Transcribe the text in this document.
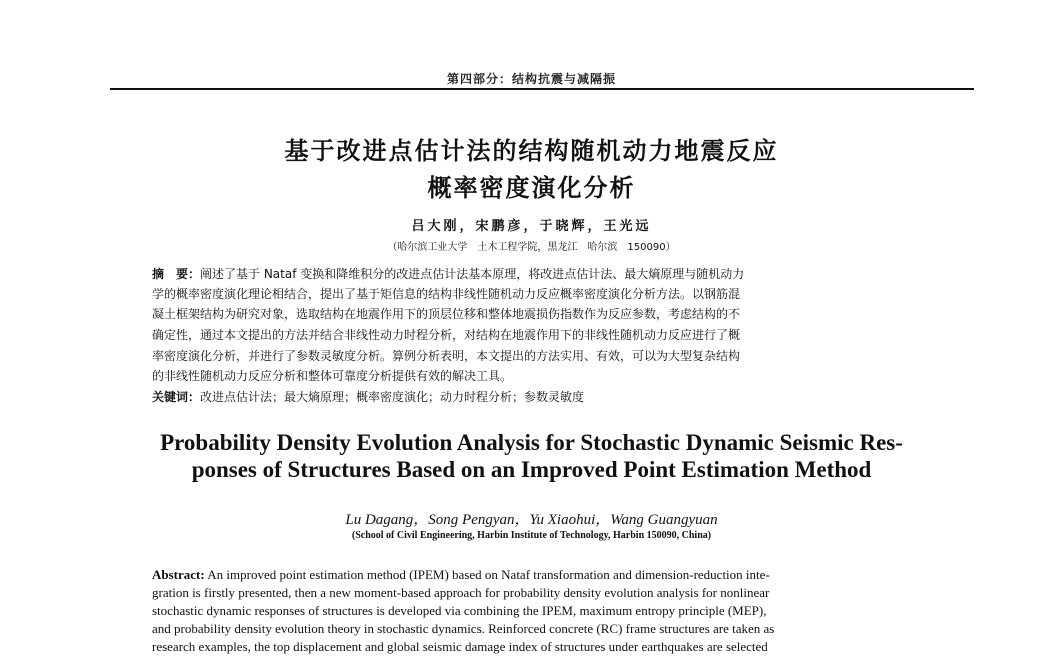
第四部分：结构抗震与减隔振
基于改进点估计法的结构随机动力地震反应
概率密度演化分析
吕大刚，宋鹏彦，于晓辉，王光远
（哈尔滨工业大学　土木工程学院，黑龙江　哈尔滨　150090）
摘　要：阐述了基于 Nataf 变换和降维积分的改进点估计法基本原理，将改进点估计法、最大熵原理与随机动力
学的概率密度演化理论相结合，提出了基于矩信息的结构非线性随机动力反应概率密度演化分析方法。以钢筋混
凝土框架结构为研究对象，选取结构在地震作用下的顶层位移和整体地震损伤指数作为反应参数，考虑结构的不
确定性，通过本文提出的方法并结合非线性动力时程分析，对结构在地震作用下的非线性随机动力反应进行了概
率密度演化分析，并进行了参数灵敏度分析。算例分析表明，本文提出的方法实用、有效，可以为大型复杂结构
的非线性随机动力反应分析和整体可靠度分析提供有效的解决工具。
关键词：改进点估计法；最大熵原理；概率密度演化；动力时程分析；参数灵敏度
Probability Density Evolution Analysis for Stochastic Dynamic Seismic Res-
ponses of Structures Based on an Improved Point Estimation Method
Lu Dagang，Song Pengyan，Yu Xiaohui，Wang Guangyuan
(School of Civil Engineering, Harbin Institute of Technology, Harbin 150090, China)
Abstract: An improved point estimation method (IPEM) based on Nataf transformation and dimension-reduction inte-
gration is firstly presented, then a new moment-based approach for probability density evolution analysis for nonlinear
stochastic dynamic responses of structures is developed via combining the IPEM, maximum entropy principle (MEP),
and probability density evolution theory in stochastic dynamics. Reinforced concrete (RC) frame structures are taken as
research examples, the top displacement and global seismic damage index of structures under earthquakes are selected
